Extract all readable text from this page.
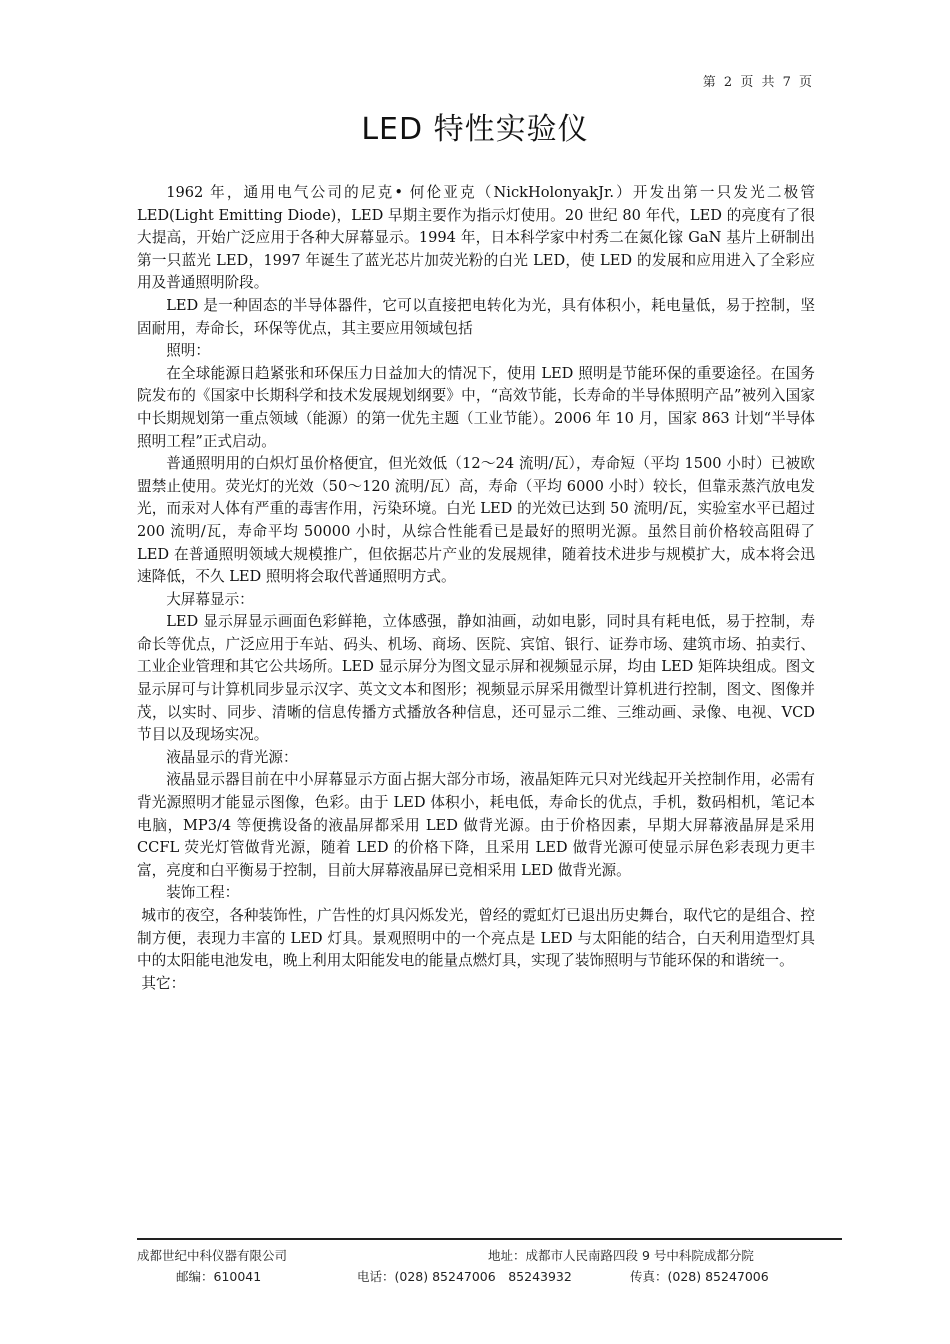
第 2 页 共 7 页
LED 特性实验仪

1962 年，通用电气公司的尼克• 何伦亚克（NickHolonyakJr.）开发出第一只发光二极管LED(Light Emitting Diode)，LED 早期主要作为指示灯使用。20 世纪 80 年代，LED 的亮度有了很大提高，开始广泛应用于各种大屏幕显示。1994 年，日本科学家中村秀二在氮化镓 GaN 基片上研制出第一只蓝光 LED，1997 年诞生了蓝光芯片加荧光粉的白光 LED，使 LED 的发展和应用进入了全彩应用及普通照明阶段。

LED 是一种固态的半导体器件，它可以直接把电转化为光，具有体积小，耗电量低，易于控制，坚固耐用，寿命长，环保等优点，其主要应用领域包括

照明：

在全球能源日趋紧张和环保压力日益加大的情况下，使用 LED 照明是节能环保的重要途径。在国务院发布的《国家中长期科学和技术发展规划纲要》中，“高效节能，长寿命的半导体照明产品”被列入国家中长期规划第一重点领域（能源）的第一优先主题（工业节能）。2006 年 10 月，国家 863 计划“半导体照明工程”正式启动。

普通照明用的白炽灯虽价格便宜，但光效低（12～24 流明/瓦），寿命短（平均 1500 小时）已被欧盟禁止使用。荧光灯的光效（50～120 流明/瓦）高，寿命（平均 6000 小时）较长，但靠汞蒸汽放电发光，而汞对人体有严重的毒害作用，污染环境。白光 LED 的光效已达到 50 流明/瓦，实验室水平已超过 200 流明/瓦，寿命平均 50000 小时，从综合性能看已是最好的照明光源。虽然目前价格较高阻碍了 LED 在普通照明领域大规模推广，但依据芯片产业的发展规律，随着技术进步与规模扩大，成本将会迅速降低，不久 LED 照明将会取代普通照明方式。

大屏幕显示：

LED 显示屏显示画面色彩鲜艳，立体感强，静如油画，动如电影，同时具有耗电低，易于控制，寿命长等优点，广泛应用于车站、码头、机场、商场、医院、宾馆、银行、证券市场、建筑市场、拍卖行、工业企业管理和其它公共场所。LED 显示屏分为图文显示屏和视频显示屏，均由 LED 矩阵块组成。图文显示屏可与计算机同步显示汉字、英文文本和图形；视频显示屏采用微型计算机进行控制，图文、图像并茂，以实时、同步、清晰的信息传播方式播放各种信息，还可显示二维、三维动画、录像、电视、VCD 节目以及现场实况。

液晶显示的背光源：

液晶显示器目前在中小屏幕显示方面占据大部分市场，液晶矩阵元只对光线起开关控制作用，必需有背光源照明才能显示图像，色彩。由于 LED 体积小，耗电低，寿命长的优点，手机，数码相机，笔记本电脑，MP3/4 等便携设备的液晶屏都采用 LED 做背光源。由于价格因素，早期大屏幕液晶屏是采用 CCFL 荧光灯管做背光源，随着 LED 的价格下降，且采用 LED 做背光源可使显示屏色彩表现力更丰富，亮度和白平衡易于控制，目前大屏幕液晶屏已竞相采用 LED 做背光源。

装饰工程：

城市的夜空，各种装饰性，广告性的灯具闪烁发光，曾经的霓虹灯已退出历史舞台，取代它的是组合、控制方便，表现力丰富的 LED 灯具。景观照明中的一个亮点是 LED 与太阳能的结合，白天利用造型灯具中的太阳能电池发电，晚上利用太阳能发电的能量点燃灯具，实现了装饰照明与节能环保的和谐统一。

其它：

成都世纪中科仪器有限公司	地址：成都市人民南路四段 9 号中科院成都分院
邮编：610041	电话：(028) 85247006　85243932	传真：(028) 85247006
